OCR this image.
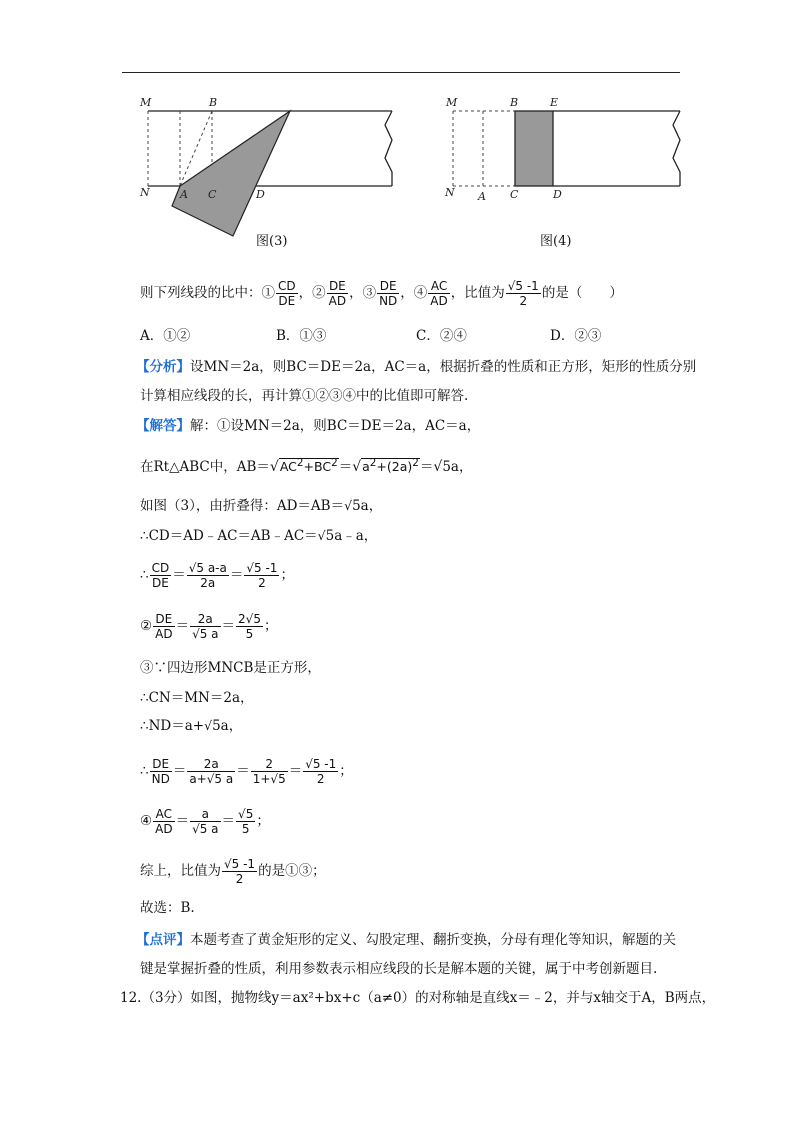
M	B
N	A C	D
图(3)
M	B	E
N A C	D
图(4)
则下列线段的比中：① $\frac{CD}{DE}$ ，② $\frac{DE}{AD}$ ，③ $\frac{DE}{ND}$ ，④ $\frac{AC}{AD}$ ，比值为 $\frac{√5 -1}{2}$ 的是（　　）
A．①②	B．①③	C．②④	D．②③
【分析】设MN＝2a，则BC＝DE＝2a，AC＝a，根据折叠的性质和正方形，矩形的性质分别
计算相应线段的长，再计算①②③④中的比值即可解答.
【解答】解：①设MN＝2a，则BC＝DE＝2a，AC＝a，
在Rt△ABC中，$AB=√AC^2+BC^2=√a^2+(2a)^2=√5a$，
如图（3），由折叠得：AD＝AB＝√5a，
∴CD＝AD﹣AC＝AB﹣AC＝√5a﹣a，
∴ $\frac{CD}{DE} = \frac{√5 a-a}{2a} = \frac{√5 -1}{2}$ ；
② $\frac{DE}{AD} = \frac{2a}{√5 a} = \frac{2√5}{5}$ ；
③∵四边形MNCB是正方形，
∴CN＝MN＝2a，
∴ND＝a+√5a，
∴ $\frac{DE}{ND} = \frac{2a}{a+√5 a} = \frac{2}{1+√5} = \frac{√5 -1}{2}$ ；
④ $\frac{AC}{AD} = \frac{a}{√5 a} = \frac{√5}{5}$ ；
综上，比值为 $\frac{√5 -1}{2}$ 的是①③；
故选：B.
【点评】本题考查了黄金矩形的定义、勾股定理、翻折变换，分母有理化等知识，解题的关
键是掌握折叠的性质，利用参数表示相应线段的长是解本题的关键，属于中考创新题目.
12.（3分）如图，抛物线y＝ax²+bx+c（a≠0）的对称轴是直线x＝﹣2，并与x轴交于A，B两点，
